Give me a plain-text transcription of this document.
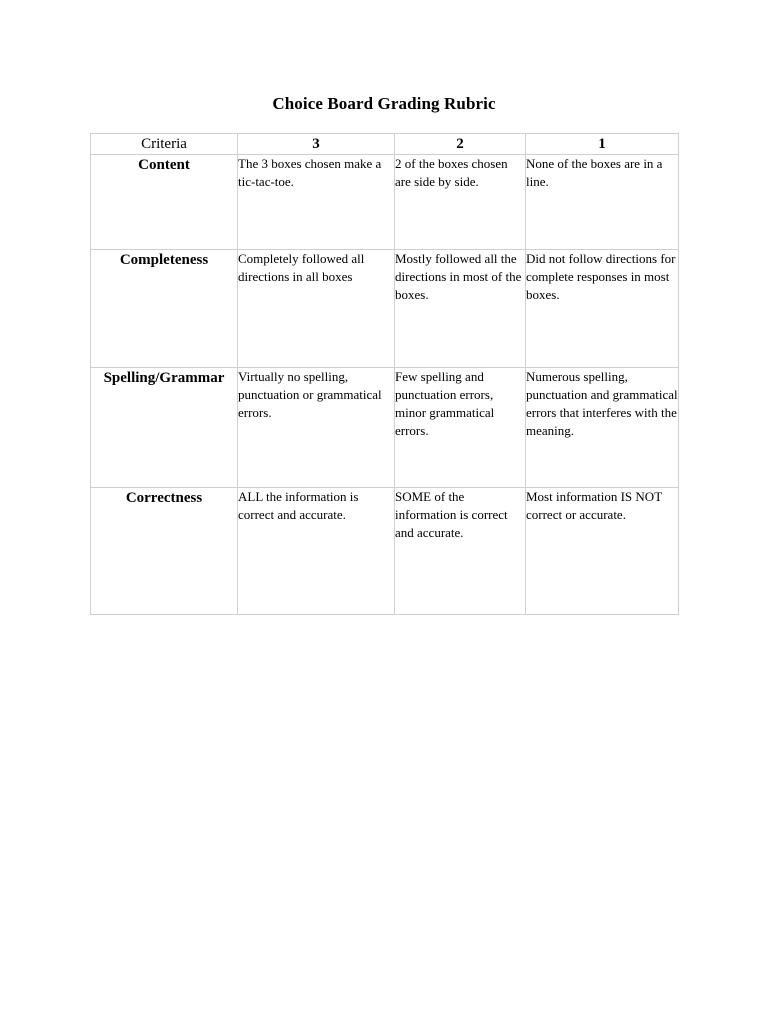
Choice Board Grading Rubric
Criteria	3	2	1
Content	The 3 boxes chosen make a tic-tac-toe.	2 of the boxes chosen are side by side.	None of the boxes are in a line.
Completeness	Completely followed all directions in all boxes	Mostly followed all the directions in most of the boxes.	Did not follow directions for complete responses in most boxes.
Spelling/Grammar	Virtually no spelling, punctuation or grammatical errors.	Few spelling and punctuation errors, minor grammatical errors.	Numerous spelling, punctuation and grammatical errors that interferes with the meaning.
Correctness	ALL the information is correct and accurate.	SOME of the information is correct and accurate.	Most information IS NOT correct or accurate.
